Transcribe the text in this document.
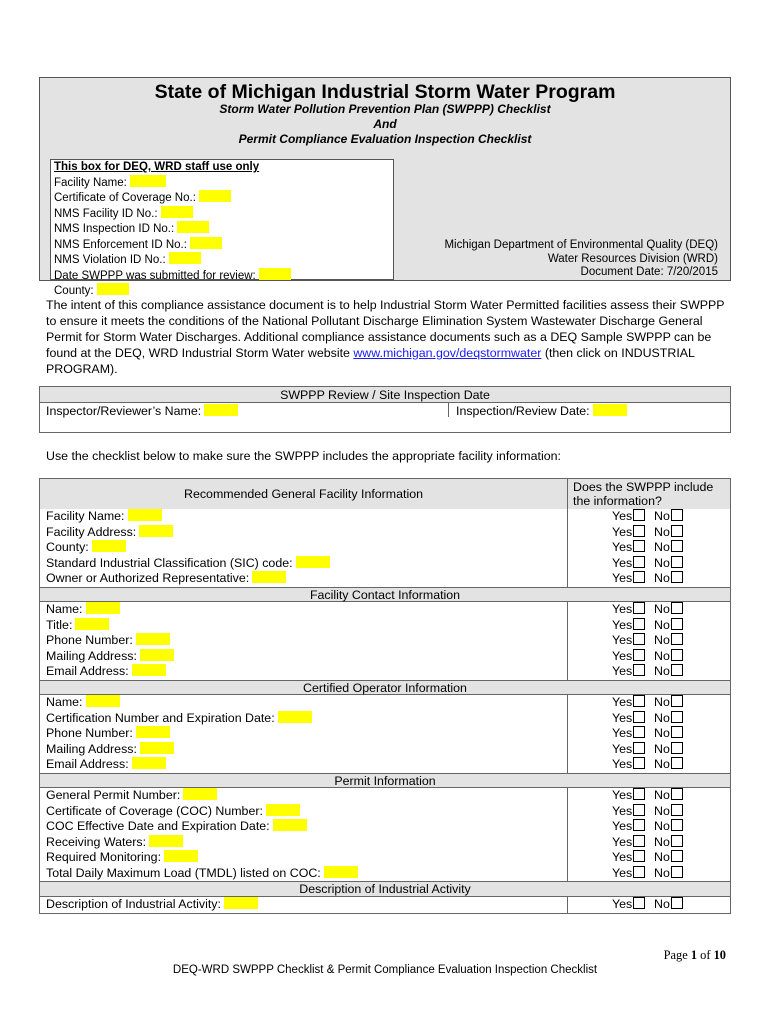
State of Michigan Industrial Storm Water Program
Storm Water Pollution Prevention Plan (SWPPP) Checklist
And
Permit Compliance Evaluation Inspection Checklist
This box for DEQ, WRD staff use only
Facility Name:
Certificate of Coverage No.:
NMS Facility ID No.:
NMS Inspection ID No.:
NMS Enforcement ID No.:
NMS Violation ID No.:
Date SWPPP was submitted for review:
County:
Michigan Department of Environmental Quality (DEQ)
Water Resources Division (WRD)
Document Date: 7/20/2015
The intent of this compliance assistance document is to help Industrial Storm Water Permitted facilities assess their SWPPP to ensure it meets the conditions of the National Pollutant Discharge Elimination System Wastewater Discharge General Permit for Storm Water Discharges. Additional compliance assistance documents such as a DEQ Sample SWPPP can be found at the DEQ, WRD Industrial Storm Water website www.michigan.gov/deqstormwater (then click on INDUSTRIAL PROGRAM).
SWPPP Review / Site Inspection Date
Inspector/Reviewer’s Name:	Inspection/Review Date:
Use the checklist below to make sure the SWPPP includes the appropriate facility information:
Recommended General Facility Information	Does the SWPPP include the information?
Facility Name:	Yes	No
Facility Address:	Yes	No
County:	Yes	No
Standard Industrial Classification (SIC) code:	Yes	No
Owner or Authorized Representative:	Yes	No
Facility Contact Information
Name:	Yes	No
Title:	Yes	No
Phone Number:	Yes	No
Mailing Address:	Yes	No
Email Address:	Yes	No
Certified Operator Information
Name:	Yes	No
Certification Number and Expiration Date:	Yes	No
Phone Number:	Yes	No
Mailing Address:	Yes	No
Email Address:	Yes	No
Permit Information
General Permit Number:	Yes	No
Certificate of Coverage (COC) Number:	Yes	No
COC Effective Date and Expiration Date:	Yes	No
Receiving Waters:	Yes	No
Required Monitoring:	Yes	No
Total Daily Maximum Load (TMDL) listed on COC:	Yes	No
Description of Industrial Activity
Description of Industrial Activity:	Yes	No
Page 1 of 10
DEQ-WRD SWPPP Checklist & Permit Compliance Evaluation Inspection Checklist
